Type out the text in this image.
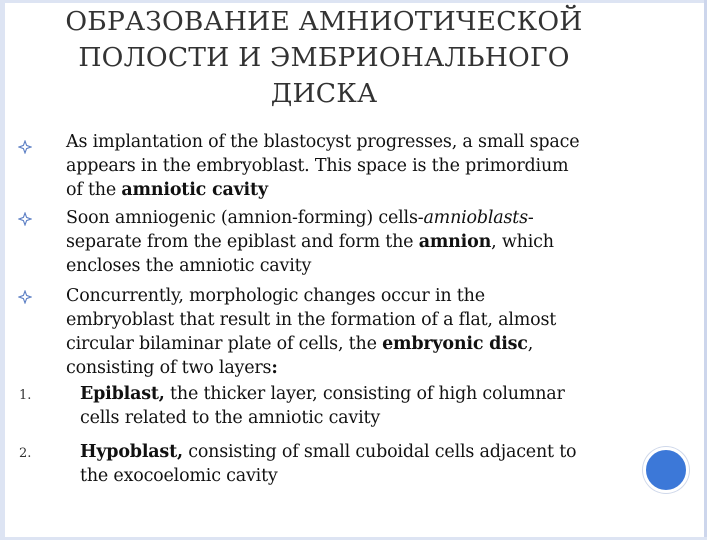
ОБРАЗОВАНИЕ АМНИОТИЧЕСКОЙ
ПОЛОСТИ И ЭМБРИОНАЛЬНОГО
ДИСКА
As implantation of the blastocyst progresses, a small space
appears in the embryoblast. This space is the primordium
of the amniotic cavity
Soon amniogenic (amnion-forming) cells-amnioblasts-
separate from the epiblast and form the amnion, which
encloses the amniotic cavity
Concurrently, morphologic changes occur in the
embryoblast that result in the formation of a flat, almost
circular bilaminar plate of cells, the embryonic disc,
consisting of two layers:
1.	Epiblast, the thicker layer, consisting of high columnar
cells related to the amniotic cavity
2.	Hypoblast, consisting of small cuboidal cells adjacent to
the exocoelomic cavity
